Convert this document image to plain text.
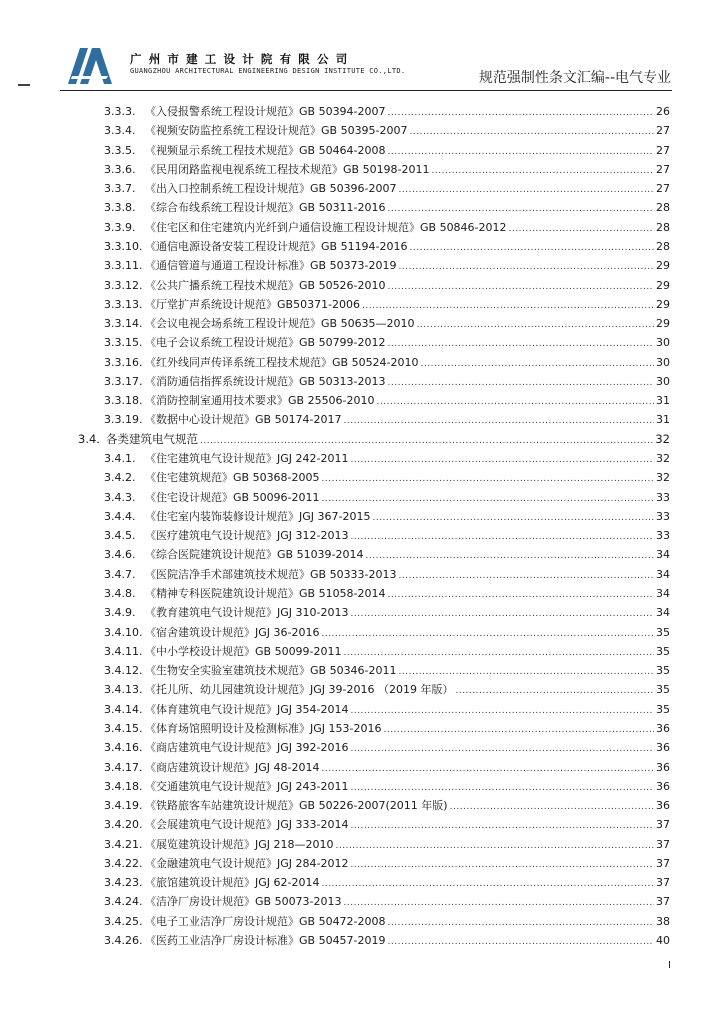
广州市建工设计院有限公司
GUANGZHOU ARCHITECTURAL ENGINEERING DESIGN INSTITUTE CO.,LTD.	规范强制性条文汇编--电气专业
3.3.3. 《入侵报警系统工程设计规范》GB 50394-2007 .....	26
3.3.4. 《视频安防监控系统工程设计规范》GB 50395-2007 .....	27
3.3.5. 《视频显示系统工程技术规范》GB 50464-2008 .....	27
3.3.6. 《民用闭路监视电视系统工程技术规范》GB 50198-2011 .....	27
3.3.7. 《出入口控制系统工程设计规范》GB 50396-2007 .....	27
3.3.8. 《综合布线系统工程设计规范》GB 50311-2016 .....	28
3.3.9. 《住宅区和住宅建筑内光纤到户通信设施工程设计规范》GB 50846-2012 .....	28
3.3.10. 《通信电源设备安装工程设计规范》GB 51194-2016 .....	28
3.3.11. 《通信管道与通道工程设计标准》GB 50373-2019 .....	29
3.3.12. 《公共广播系统工程技术规范》GB 50526-2010 .....	29
3.3.13. 《厅堂扩声系统设计规范》GB50371-2006 .....	29
3.3.14. 《会议电视会场系统工程设计规范》GB 50635—2010 .....	29
3.3.15. 《电子会议系统工程设计规范》GB 50799-2012 .....	30
3.3.16. 《红外线同声传译系统工程技术规范》GB 50524-2010 .....	30
3.3.17. 《消防通信指挥系统设计规范》GB 50313-2013 .....	30
3.3.18. 《消防控制室通用技术要求》GB 25506-2010 .....	31
3.3.19. 《数据中心设计规范》GB 50174-2017 .....	31
3.4. 各类建筑电气规范 .....	32
3.4.1. 《住宅建筑电气设计规范》JGJ 242-2011 .....	32
3.4.2. 《住宅建筑规范》GB 50368-2005 .....	32
3.4.3. 《住宅设计规范》GB 50096-2011 .....	33
3.4.4. 《住宅室内装饰装修设计规范》JGJ 367-2015 .....	33
3.4.5. 《医疗建筑电气设计规范》JGJ 312-2013 .....	33
3.4.6. 《综合医院建筑设计规范》GB 51039-2014 .....	34
3.4.7. 《医院洁净手术部建筑技术规范》GB 50333-2013 .....	34
3.4.8. 《精神专科医院建筑设计规范》GB 51058-2014 .....	34
3.4.9. 《教育建筑电气设计规范》JGJ 310-2013 .....	34
3.4.10. 《宿舍建筑设计规范》JGJ 36-2016 .....	35
3.4.11. 《中小学校设计规范》GB 50099-2011 .....	35
3.4.12. 《生物安全实验室建筑技术规范》GB 50346-2011 .....	35
3.4.13. 《托儿所、幼儿园建筑设计规范》JGJ 39-2016 （2019 年版） .....	35
3.4.14. 《体育建筑电气设计规范》JGJ 354-2014 .....	35
3.4.15. 《体育场馆照明设计及检测标准》JGJ 153-2016 .....	36
3.4.16. 《商店建筑电气设计规范》JGJ 392-2016 .....	36
3.4.17. 《商店建筑设计规范》JGJ 48-2014 .....	36
3.4.18. 《交通建筑电气设计规范》JGJ 243-2011 .....	36
3.4.19. 《铁路旅客车站建筑设计规范》GB 50226-2007(2011 年版) .....	36
3.4.20. 《会展建筑电气设计规范》JGJ 333-2014 .....	37
3.4.21. 《展览建筑设计规范》JGJ 218—2010 .....	37
3.4.22. 《金融建筑电气设计规范》JGJ 284-2012 .....	37
3.4.23. 《旅馆建筑设计规范》JGJ 62-2014 .....	37
3.4.24. 《洁净厂房设计规范》GB 50073-2013 .....	37
3.4.25. 《电子工业洁净厂房设计规范》GB 50472-2008 .....	38
3.4.26. 《医药工业洁净厂房设计标准》GB 50457-2019 .....	40
I
